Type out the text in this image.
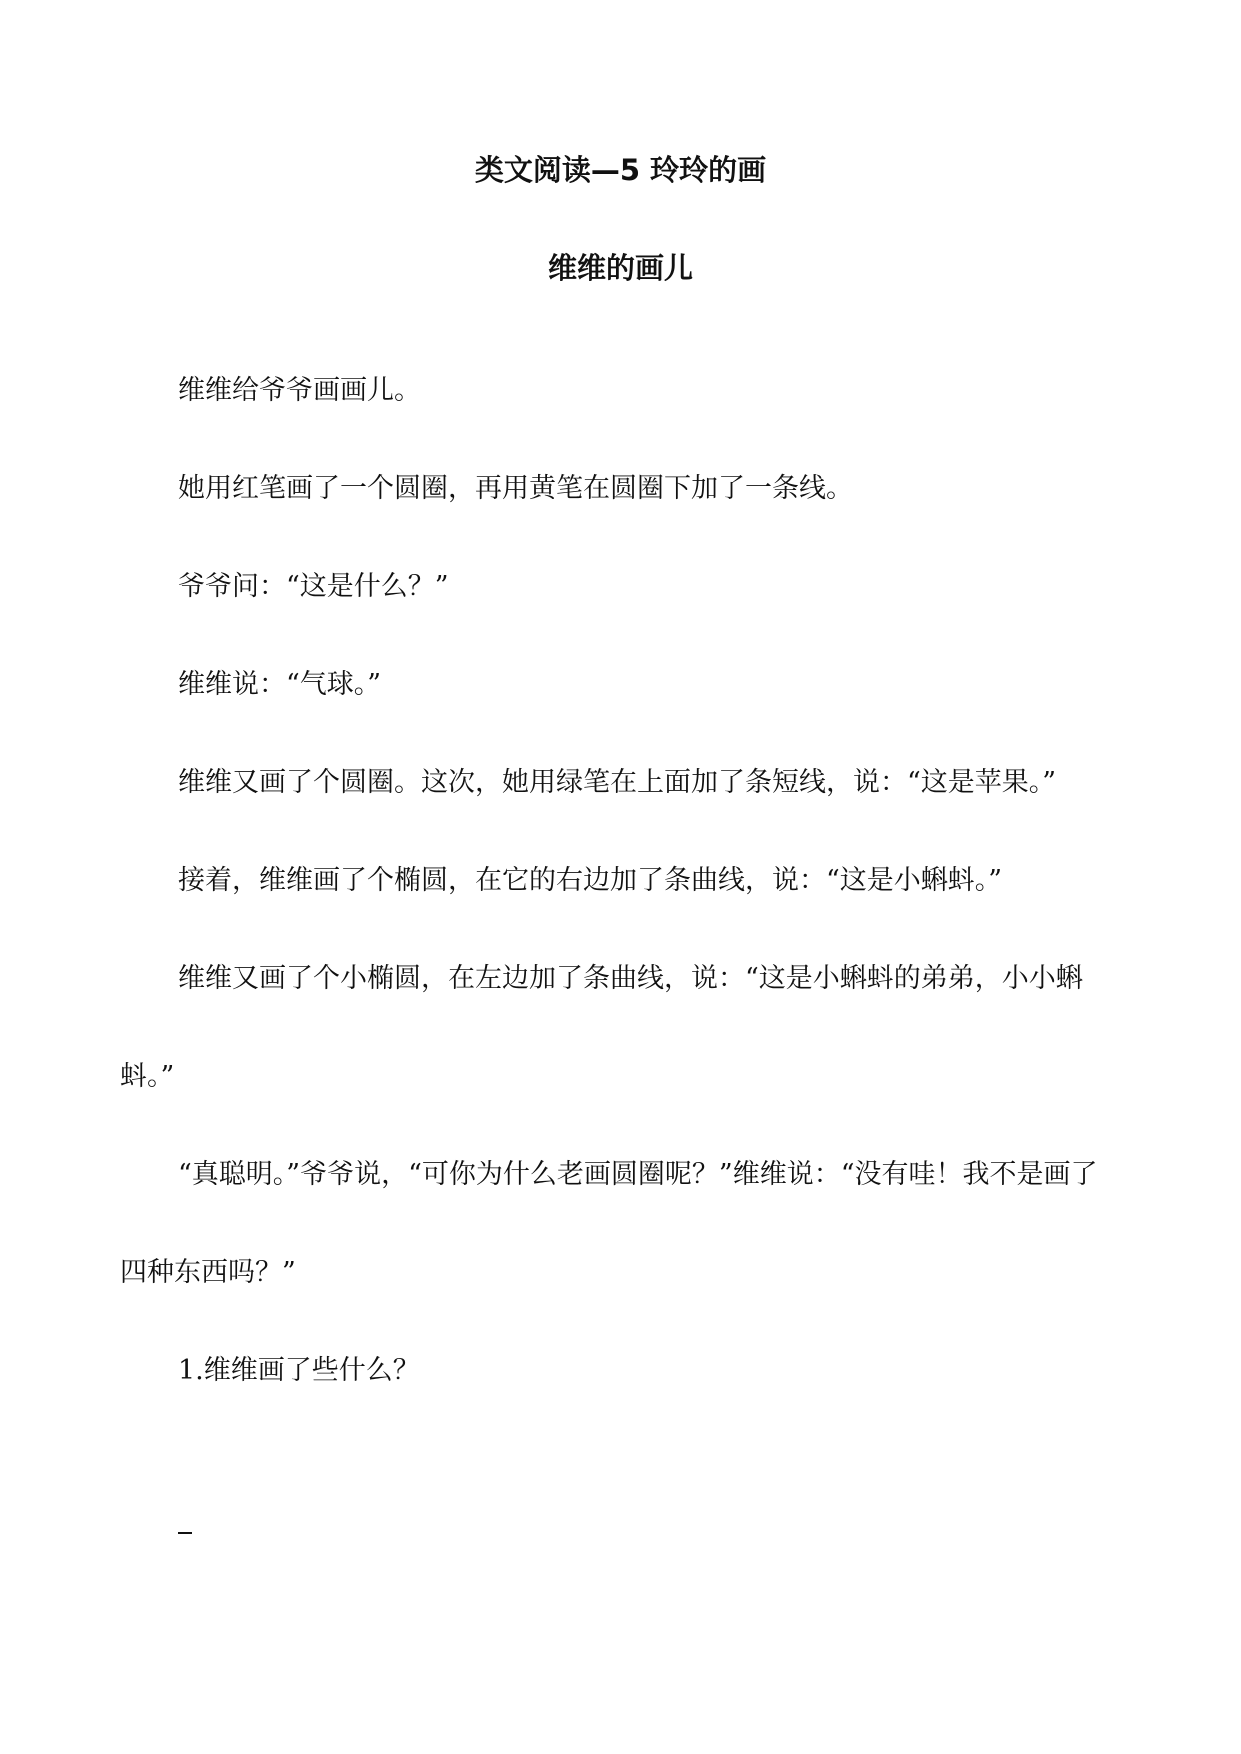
类文阅读—5 玲玲的画
维维的画儿

维维给爷爷画画儿。

她用红笔画了一个圆圈，再用黄笔在圆圈下加了一条线。

爷爷问：“这是什么？”

维维说：“气球。”

维维又画了个圆圈。这次，她用绿笔在上面加了条短线，说：“这是苹果。”

接着，维维画了个椭圆，在它的右边加了条曲线，说：“这是小蝌蚪。”

维维又画了个小椭圆，在左边加了条曲线，说：“这是小蝌蚪的弟弟，小小蝌蚪。”

“真聪明。”爷爷说，“可你为什么老画圆圈呢？”维维说：“没有哇！我不是画了四种东西吗？”

1.维维画了些什么？
